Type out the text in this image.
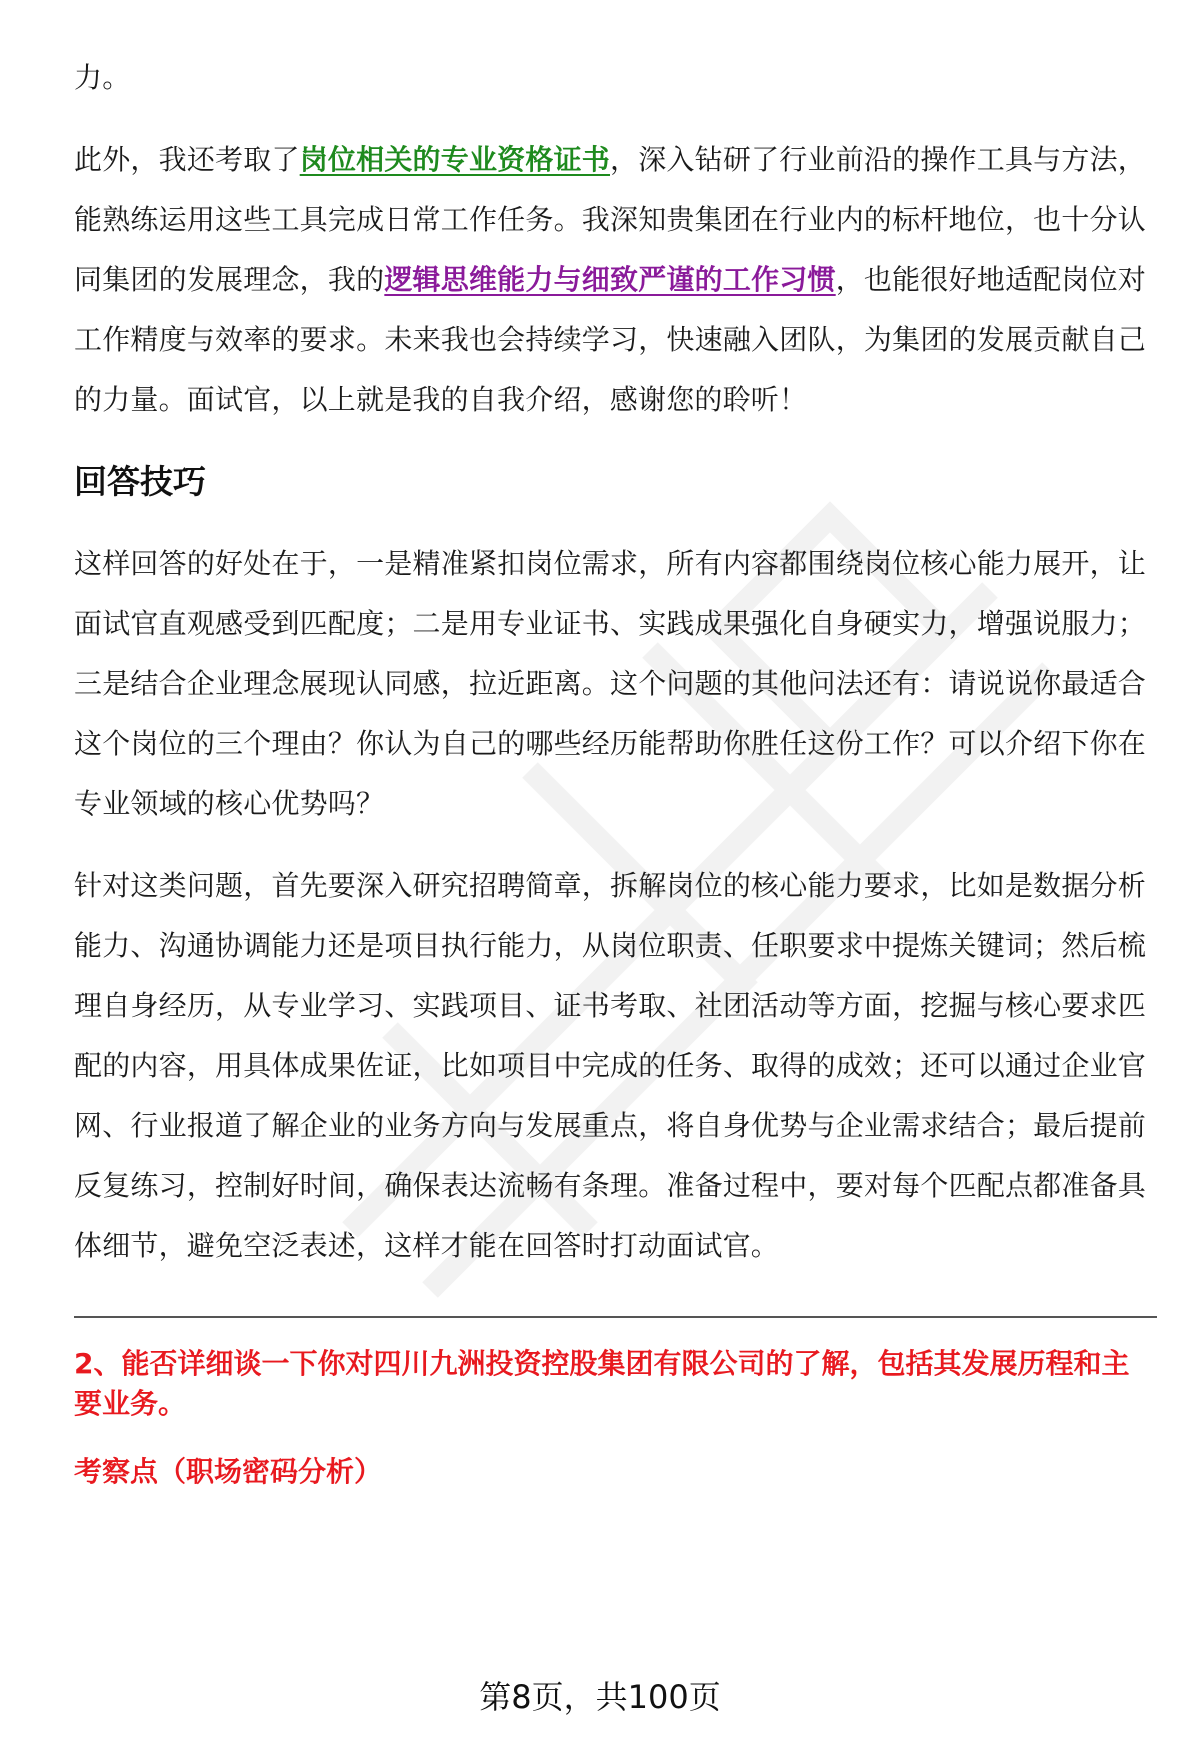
力。

此外，我还考取了岗位相关的专业资格证书，深入钻研了行业前沿的操作工具与方法，能熟练运用这些工具完成日常工作任务。我深知贵集团在行业内的标杆地位，也十分认同集团的发展理念，我的逻辑思维能力与细致严谨的工作习惯，也能很好地适配岗位对工作精度与效率的要求。未来我也会持续学习，快速融入团队，为集团的发展贡献自己的力量。面试官，以上就是我的自我介绍，感谢您的聆听！

回答技巧

这样回答的好处在于，一是精准紧扣岗位需求，所有内容都围绕岗位核心能力展开，让面试官直观感受到匹配度；二是用专业证书、实践成果强化自身硬实力，增强说服力；三是结合企业理念展现认同感，拉近距离。这个问题的其他问法还有：请说说你最适合这个岗位的三个理由？你认为自己的哪些经历能帮助你胜任这份工作？可以介绍下你在专业领域的核心优势吗？

针对这类问题，首先要深入研究招聘简章，拆解岗位的核心能力要求，比如是数据分析能力、沟通协调能力还是项目执行能力，从岗位职责、任职要求中提炼关键词；然后梳理自身经历，从专业学习、实践项目、证书考取、社团活动等方面，挖掘与核心要求匹配的内容，用具体成果佐证，比如项目中完成的任务、取得的成效；还可以通过企业官网、行业报道了解企业的业务方向与发展重点，将自身优势与企业需求结合；最后提前反复练习，控制好时间，确保表达流畅有条理。准备过程中，要对每个匹配点都准备具体细节，避免空泛表述，这样才能在回答时打动面试官。

2、能否详细谈一下你对四川九洲投资控股集团有限公司的了解，包括其发展历程和主要业务。

考察点（职场密码分析）

第8页，共100页
